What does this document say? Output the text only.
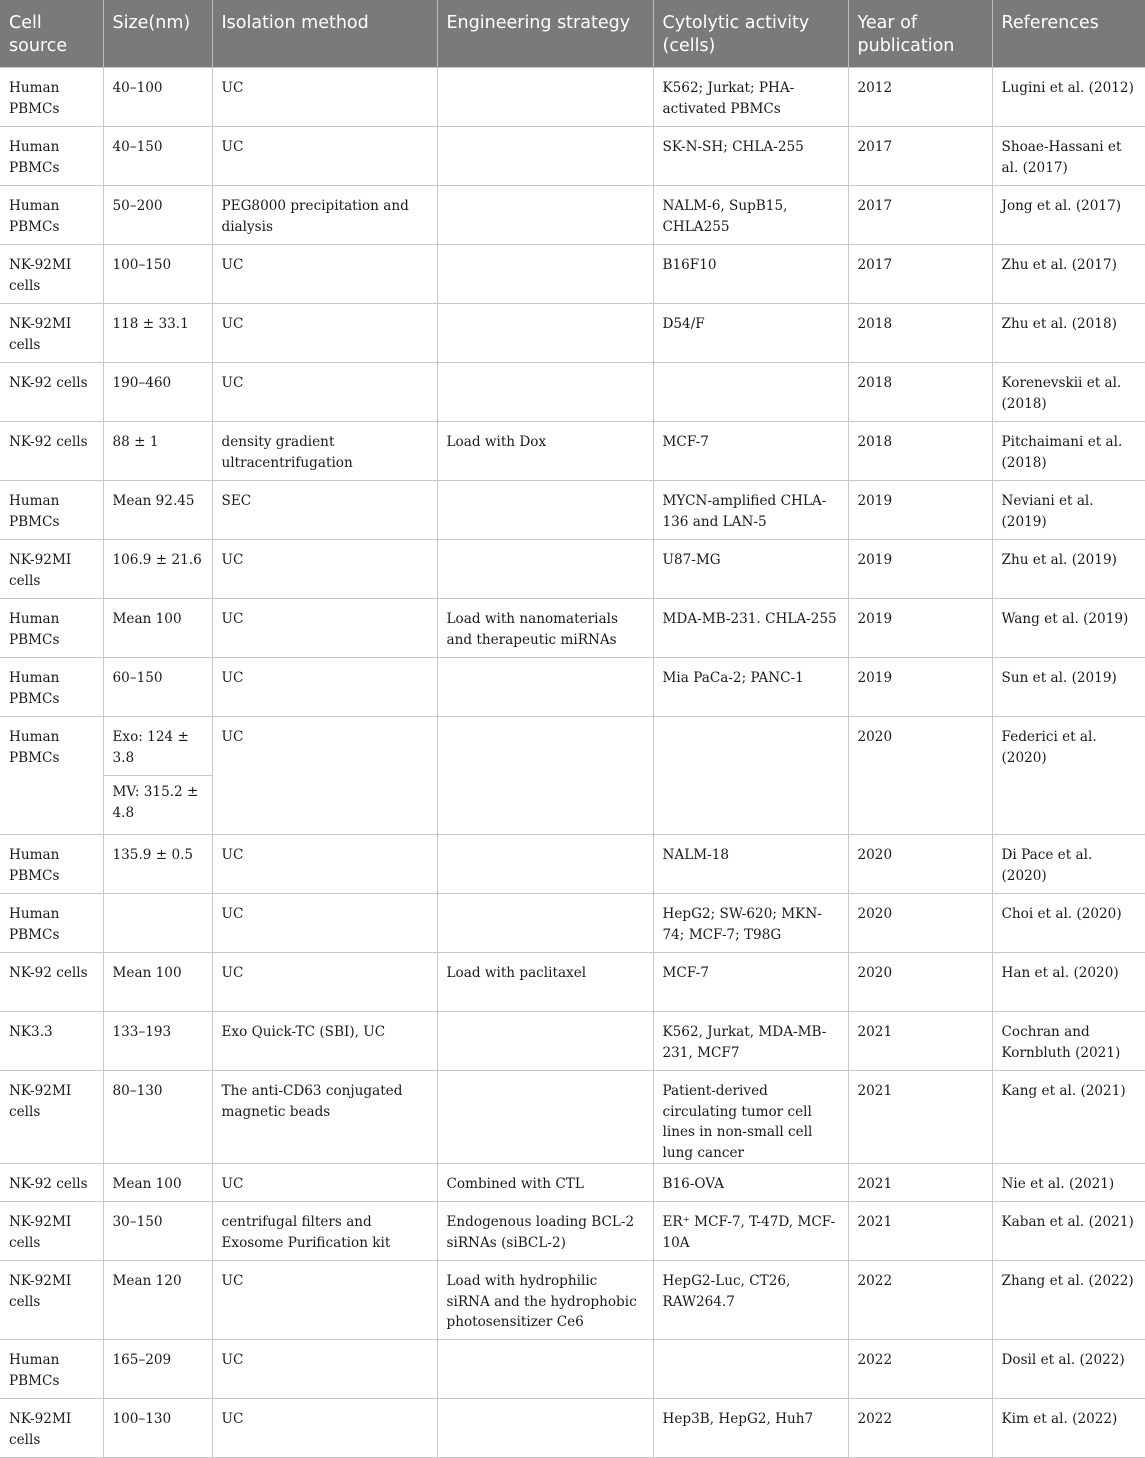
Cell source	Size(nm)	Isolation method	Engineering strategy	Cytolytic activity (cells)	Year of publication	References
Human PBMCs	40–100	UC		K562; Jurkat; PHA-activated PBMCs	2012	Lugini et al. (2012)
Human PBMCs	40–150	UC		SK-N-SH; CHLA-255	2017	Shoae-Hassani et al. (2017)
Human PBMCs	50–200	PEG8000 precipitation and dialysis		NALM-6, SupB15, CHLA255	2017	Jong et al. (2017)
NK-92MI cells	100–150	UC		B16F10	2017	Zhu et al. (2017)
NK-92MI cells	118 ± 33.1	UC		D54/F	2018	Zhu et al. (2018)
NK-92 cells	190–460	UC			2018	Korenevskii et al. (2018)
NK-92 cells	88 ± 1	density gradient ultracentrifugation	Load with Dox	MCF-7	2018	Pitchaimani et al. (2018)
Human PBMCs	Mean 92.45	SEC		MYCN-amplified CHLA-136 and LAN-5	2019	Neviani et al. (2019)
NK-92MI cells	106.9 ± 21.6	UC		U87-MG	2019	Zhu et al. (2019)
Human PBMCs	Mean 100	UC	Load with nanomaterials and therapeutic miRNAs	MDA-MB-231. CHLA-255	2019	Wang et al. (2019)
Human PBMCs	60–150	UC		Mia PaCa-2; PANC-1	2019	Sun et al. (2019)
Human PBMCs	Exo: 124 ± 3.8	UC			2020	Federici et al. (2020)
	MV: 315.2 ± 4.8					
Human PBMCs	135.9 ± 0.5	UC		NALM-18	2020	Di Pace et al. (2020)
Human PBMCs		UC		HepG2; SW-620; MKN-74; MCF-7; T98G	2020	Choi et al. (2020)
NK-92 cells	Mean 100	UC	Load with paclitaxel	MCF-7	2020	Han et al. (2020)
NK3.3	133–193	Exo Quick-TC (SBI), UC		K562, Jurkat, MDA-MB-231, MCF7	2021	Cochran and Kornbluth (2021)
NK-92MI cells	80–130	The anti-CD63 conjugated magnetic beads		Patient-derived circulating tumor cell lines in non-small cell lung cancer	2021	Kang et al. (2021)
NK-92 cells	Mean 100	UC	Combined with CTL	B16-OVA	2021	Nie et al. (2021)
NK-92MI cells	30–150	centrifugal filters and Exosome Purification kit	Endogenous loading BCL-2 siRNAs (siBCL-2)	ER⁺ MCF-7, T-47D, MCF-10A	2021	Kaban et al. (2021)
NK-92MI cells	Mean 120	UC	Load with hydrophilic siRNA and the hydrophobic photosensitizer Ce6	HepG2-Luc, CT26, RAW264.7	2022	Zhang et al. (2022)
Human PBMCs	165–209	UC			2022	Dosil et al. (2022)
NK-92MI cells	100–130	UC		Hep3B, HepG2, Huh7	2022	Kim et al. (2022)
